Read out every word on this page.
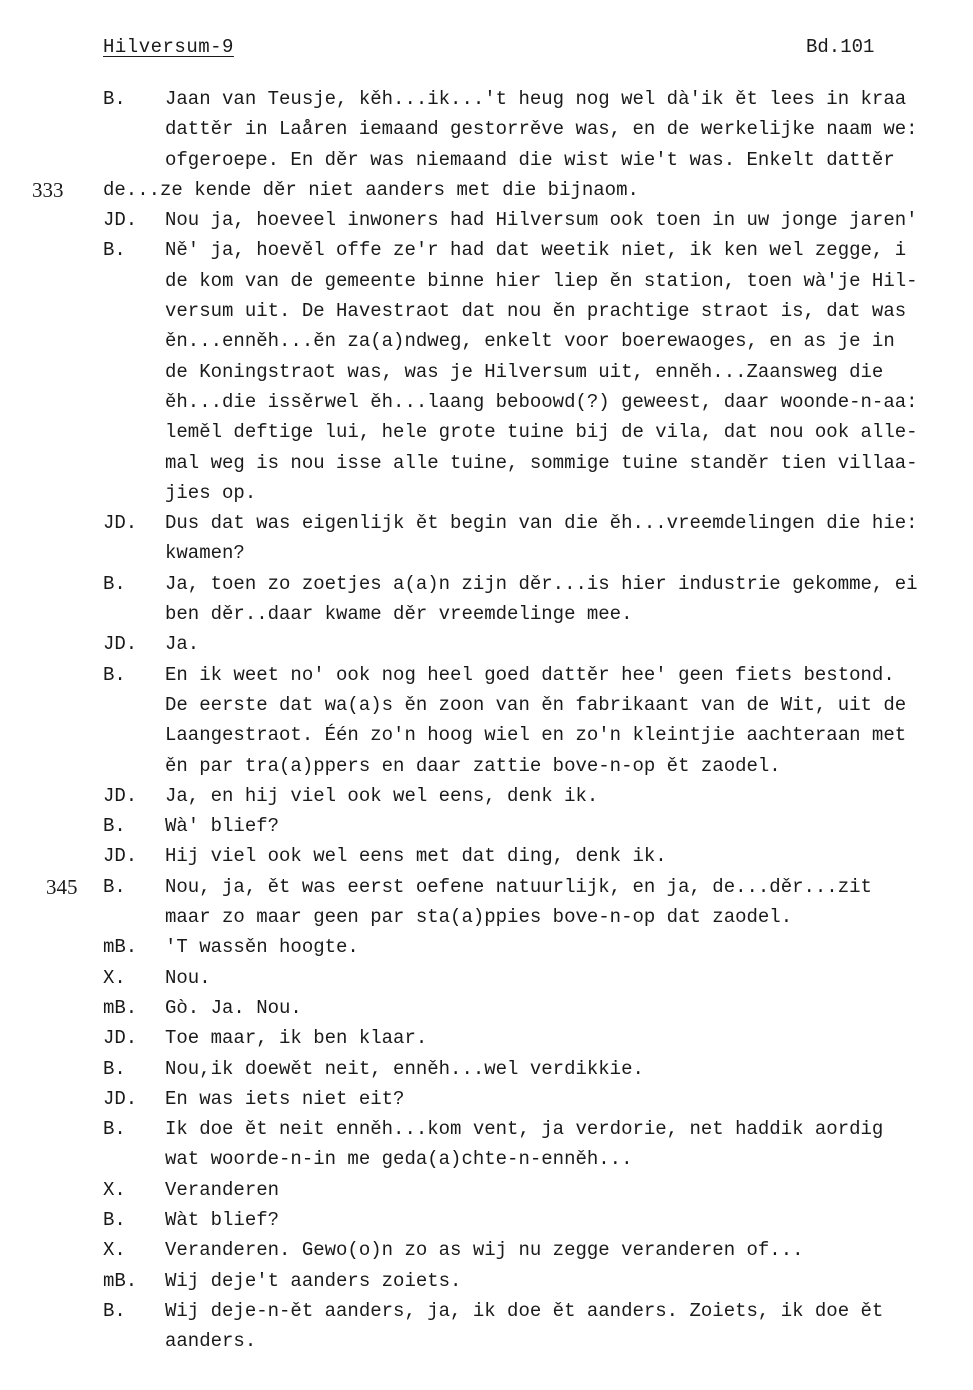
Hilversum-9	Bd.101
B. Jaan van Teusje, kěh...ik...'t heug nog wel dà'ik ět lees in kraa
dattěr in Laåren iemaand gestorrěve was, en de werkelijke naam we:
ofgeroepe. En děr was niemaand die wist wie't was. Enkelt dattěr
333 de...ze kende děr niet aanders met die bijnaom.
JD. Nou ja, hoeveel inwoners had Hilversum ook toen in uw jonge jaren'
B. Ně' ja, hoevěl offe ze'r had dat weetik niet, ik ken wel zegge, i
de kom van de gemeente binne hier liep ěn station, toen wà'je Hil-
versum uit. De Havestraot dat nou ěn prachtige straot is, dat was
ěn...enněh...ěn za(a)ndweg, enkelt voor boerewaoges, en as je in
de Koningstraot was, was je Hilversum uit, enněh...Zaansweg die
ěh...die issěrwel ěh...laang beboowd(?) geweest, daar woonde-n-aa:
leměl deftige lui, hele grote tuine bij de vila, dat nou ook alle-
mal weg is nou isse alle tuine, sommige tuine standěr tien villaa-
jies op.
JD. Dus dat was eigenlijk ět begin van die ěh...vreemdelingen die hie:
kwamen?
B. Ja, toen zo zoetjes a(a)n zijn děr...is hier industrie gekomme, ei
ben děr..daar kwame děr vreemdelinge mee.
JD. Ja.
B. En ik weet no' ook nog heel goed dattěr hee' geen fiets bestond.
De eerste dat wa(a)s ěn zoon van ěn fabrikaant van de Wit, uit de
Laangestraot. Één zo'n hoog wiel en zo'n kleintjie aachteraan met
ěn par tra(a)ppers en daar zattie bove-n-op ět zaodel.
JD. Ja, en hij viel ook wel eens, denk ik.
B. Wà' blief?
JD. Hij viel ook wel eens met dat ding, denk ik.
345 B. Nou, ja, ět was eerst oefene natuurlijk, en ja, de...děr...zit
maar zo maar geen par sta(a)ppies bove-n-op dat zaodel.
mB. 'T wassěn hoogte.
X. Nou.
mB. Gò. Ja. Nou.
JD. Toe maar, ik ben klaar.
B. Nou,ik doewět neit, enněh...wel verdikkie.
JD. En was iets niet eit?
B. Ik doe ět neit enněh...kom vent, ja verdorie, net haddik aordig
wat woorde-n-in me geda(a)chte-n-enněh...
X. Veranderen
B. Wàt blief?
X. Veranderen. Gewo(o)n zo as wij nu zegge veranderen of...
mB. Wij deje't aanders zoiets.
B. Wij deje-n-ět aanders, ja, ik doe ět aanders. Zoiets, ik doe ět
aanders.
